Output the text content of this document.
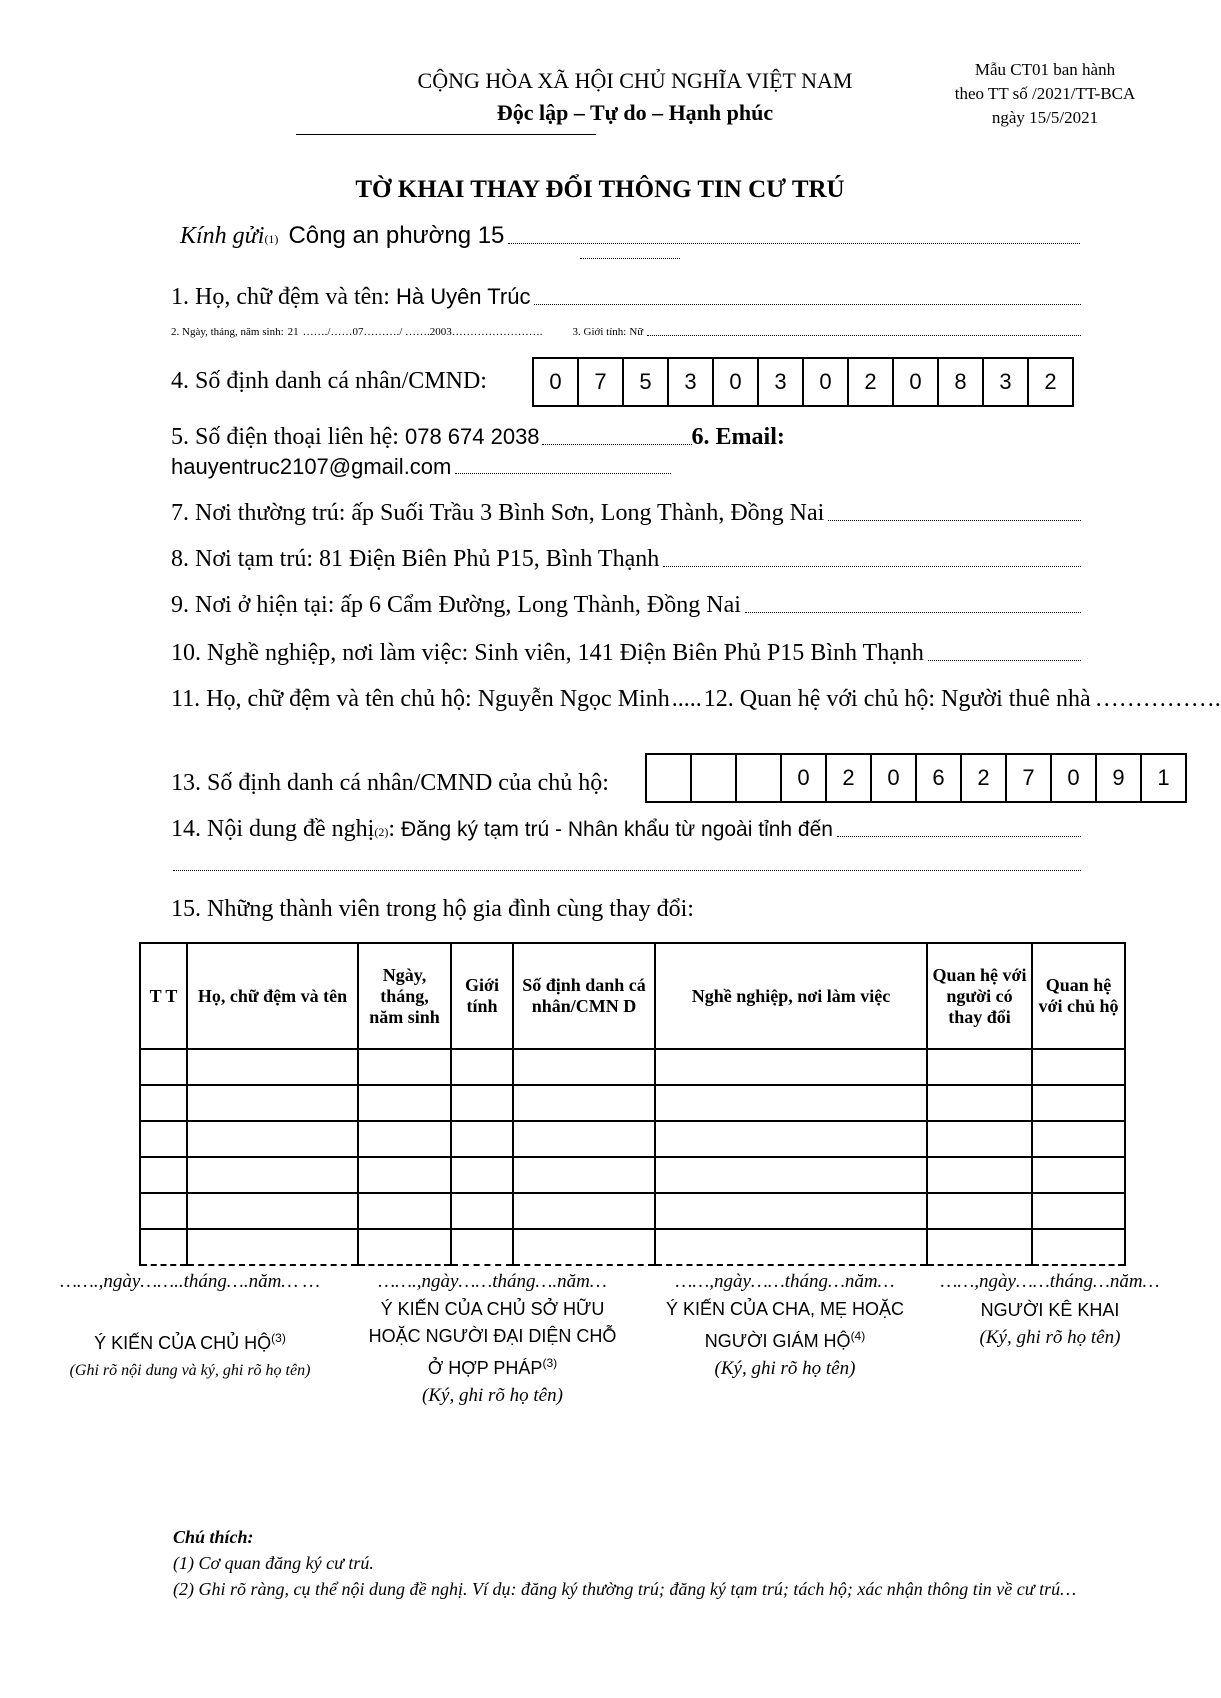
CỘNG HÒA XÃ HỘI CHỦ NGHĨA VIỆT NAM
Độc lập – Tự do – Hạnh phúc
Mẫu CT01 ban hành
theo TT số /2021/TT-BCA
ngày 15/5/2021
TỜ KHAI THAY ĐỔI THÔNG TIN CƯ TRÚ
Kính gửi (1) Công an phường 15
1. Họ, chữ đệm và tên: Hà Uyên Trúc
2. Ngày, tháng, năm sinh: 21 ……./…… 07 ………./ ……. 2003 …………………….	3. Giới tính: Nữ
4. Số định danh cá nhân/CMND:	0	7	5	3	0	3	0	2	0	8	3	2
5. Số điện thoại liên hệ: 078 674 2038	6. Email:
hauyentruc2107@gmail.com
7. Nơi thường trú: ấp Suối Trầu 3 Bình Sơn, Long Thành, Đồng Nai
8. Nơi tạm trú: 81 Điện Biên Phủ P15, Bình Thạnh
9. Nơi ở hiện tại: ấp 6 Cẩm Đường, Long Thành, Đồng Nai
10. Nghề nghiệp, nơi làm việc: Sinh viên, 141 Điện Biên Phủ P15 Bình Thạnh
11. Họ, chữ đệm và tên chủ hộ: Nguyễn Ngọc Minh ..... 12. Quan hệ với chủ hộ: Người thuê nhà …………….
13. Số định danh cá nhân/CMND của chủ hộ:	0	2	0	6	2	7	0	9	1
14. Nội dung đề nghị (2) : Đăng ký tạm trú - Nhân khẩu từ ngoài tỉnh đến
15. Những thành viên trong hộ gia đình cùng thay đổi:
T T	Họ, chữ đệm và tên	Ngày, tháng, năm sinh	Giới tính	Số định danh cá nhân/CMN D	Nghề nghiệp, nơi làm việc	Quan hệ với người có thay đổi	Quan hệ với chủ hộ

…….,ngày……..tháng….năm… …
Ý KIẾN CỦA CHỦ HỘ$^{(3)}$
(Ghi rõ nội dung và ký, ghi rõ họ tên)
…….,ngày……tháng….năm…
Ý KIẾN CỦA CHỦ SỞ HỮU HOẶC NGƯỜI ĐẠI DIỆN CHỖ Ở HỢP PHÁP$^{(3)}$
(Ký, ghi rõ họ tên)
……,ngày……tháng…năm…
Ý KIẾN CỦA CHA, MẸ HOẶC NGƯỜI GIÁM HỘ$^{(4)}$
(Ký, ghi rõ họ tên)
……,ngày……tháng…năm…
NGƯỜI KÊ KHAI
(Ký, ghi rõ họ tên)
Chú thích:
(1) Cơ quan đăng ký cư trú.
(2) Ghi rõ ràng, cụ thể nội dung đề nghị. Ví dụ: đăng ký thường trú; đăng ký tạm trú; tách hộ; xác nhận thông tin về cư trú…
